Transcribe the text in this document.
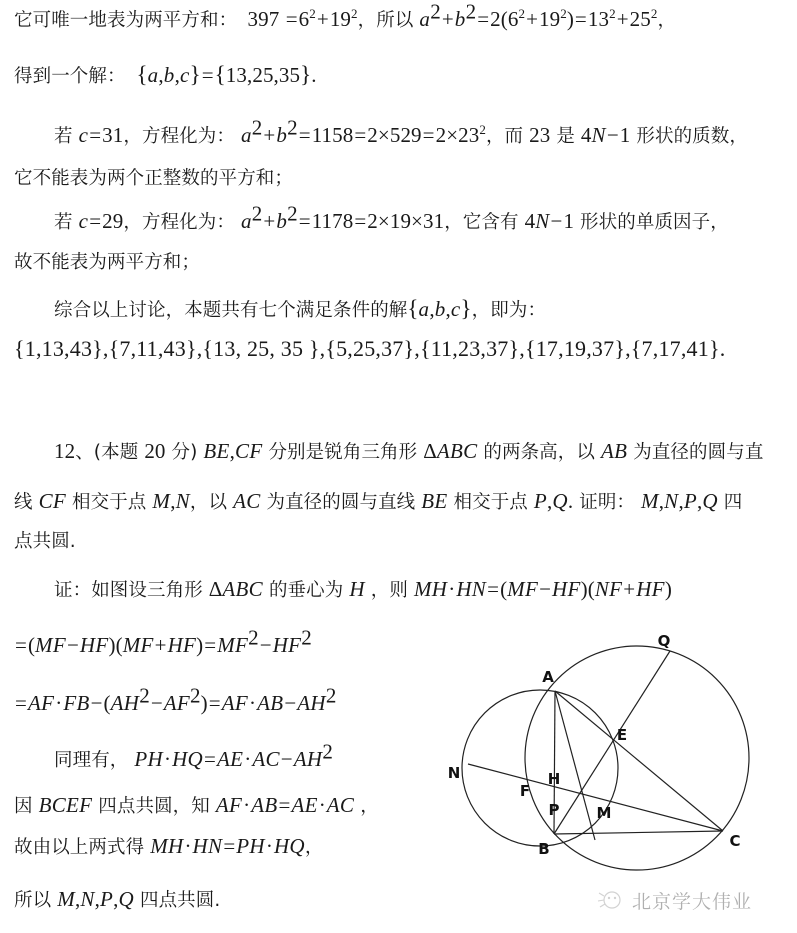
它可唯一地表为两平方和：  $397 =6^2+19^2$，所以 $a^2+b^2=2(6^2+19^2)=13^2+25^2$，
得到一个解：  {a,b,c}={13,25,35}.
若 c=31，方程化为： $a^2+b^2=1158=2\times 529=2\times 23^2$，而 23 是 4N−1 形状的质数，
它不能表为两个正整数的平方和；
若 c=29，方程化为： $a^2+b^2=1178=2\times 19\times 31$，它含有 4N−1 形状的单质因子，
故不能表为两平方和；
综合以上讨论，本题共有七个满足条件的解{a,b,c}，即为：
{1,13,43},{7,11,43},{13, 25, 35 },{5,25,37},{11,23,37},{17,19,37},{7,17,41}.
12、(本题 20 分) BE,CF 分别是锐角三角形 ΔABC 的两条高，以 AB 为直径的圆与直
线 CF 相交于点 M,N，以 AC 为直径的圆与直线 BE 相交于点 P,Q. 证明： M,N,P,Q 四
点共圆.
证：如图设三角形 ΔABC 的垂心为 H ，则 MH·HN=(MF−HF)(NF+HF)
$=(MF-HF)(MF+HF)=MF^2-HF^2$
$=AF\cdot FB-(AH^2-AF^2)=AF\cdot AB-AH^2$
同理有， $PH\cdot HQ=AE\cdot AC-AH^2$
因 BCEF 四点共圆，知 AF·AB=AE·AC ，
故由以上两式得 MH·HN=PH·HQ，
所以 M,N,P,Q 四点共圆.
Q
A
E
N	H
F
P M
B	C
北京学大伟业
